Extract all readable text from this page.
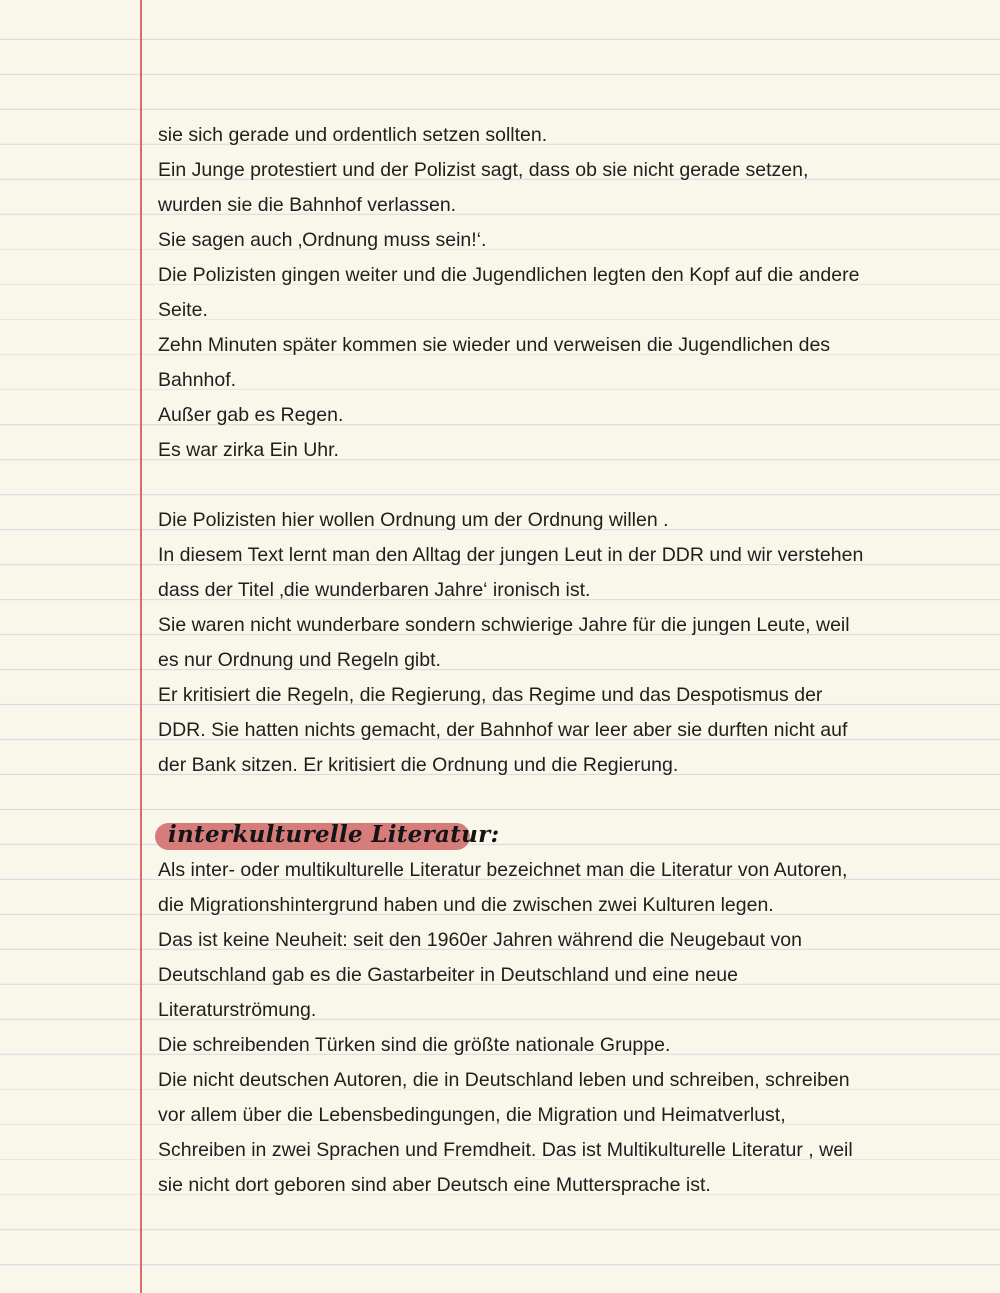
sie sich gerade und ordentlich setzen sollten.
Ein Junge protestiert und der Polizist sagt, dass ob sie nicht gerade setzen,
wurden sie die Bahnhof verlassen.
Sie sagen auch ‚Ordnung muss sein!‘.
Die Polizisten gingen weiter und die Jugendlichen legten den Kopf auf die andere
Seite.
Zehn Minuten später kommen sie wieder und verweisen die Jugendlichen des
Bahnhof.
Außer gab es Regen.
Es war zirka Ein Uhr.
Die Polizisten hier wollen Ordnung um der Ordnung willen .
In diesem Text lernt man den Alltag der jungen Leut in der DDR und wir verstehen
dass der Titel ‚die wunderbaren Jahre‘ ironisch ist.
Sie waren nicht wunderbare sondern schwierige Jahre für die jungen Leute, weil
es nur Ordnung und Regeln gibt.
Er kritisiert die Regeln, die Regierung, das Regime und das Despotismus der
DDR. Sie hatten nichts gemacht, der Bahnhof war leer aber sie durften nicht auf
der Bank sitzen. Er kritisiert die Ordnung und die Regierung.
interkulturelle Literatur:
Als inter- oder multikulturelle Literatur bezeichnet man die Literatur von Autoren,
die Migrationshintergrund haben und die zwischen zwei Kulturen legen.
Das ist keine Neuheit: seit den 1960er Jahren während die Neugebaut von
Deutschland gab es die Gastarbeiter in Deutschland und eine neue
Literaturströmung.
Die schreibenden Türken sind die größte nationale Gruppe.
Die nicht deutschen Autoren, die in Deutschland leben und schreiben, schreiben
vor allem über die Lebensbedingungen, die Migration und Heimatverlust,
Schreiben in zwei Sprachen und Fremdheit. Das ist Multikulturelle Literatur , weil
sie nicht dort geboren sind aber Deutsch eine Muttersprache ist.
